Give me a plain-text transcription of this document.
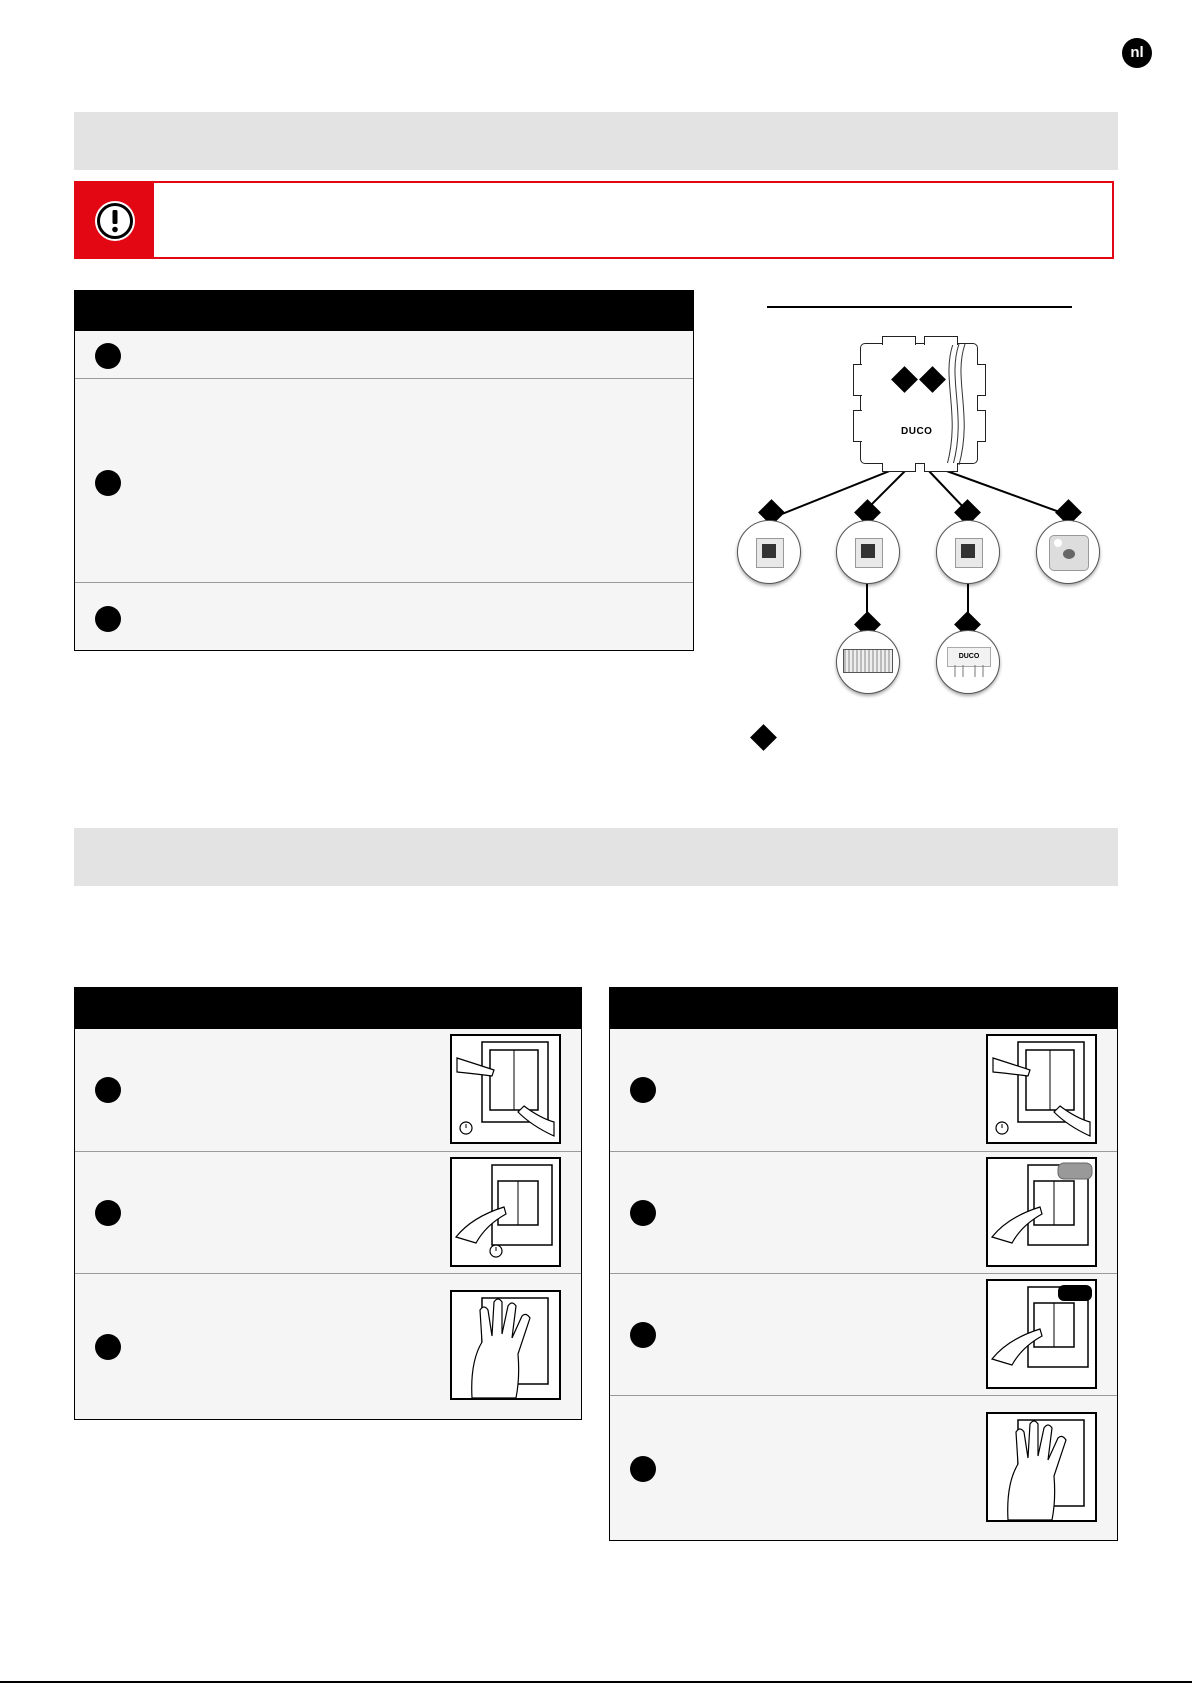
nl
DUCO
DUCO
